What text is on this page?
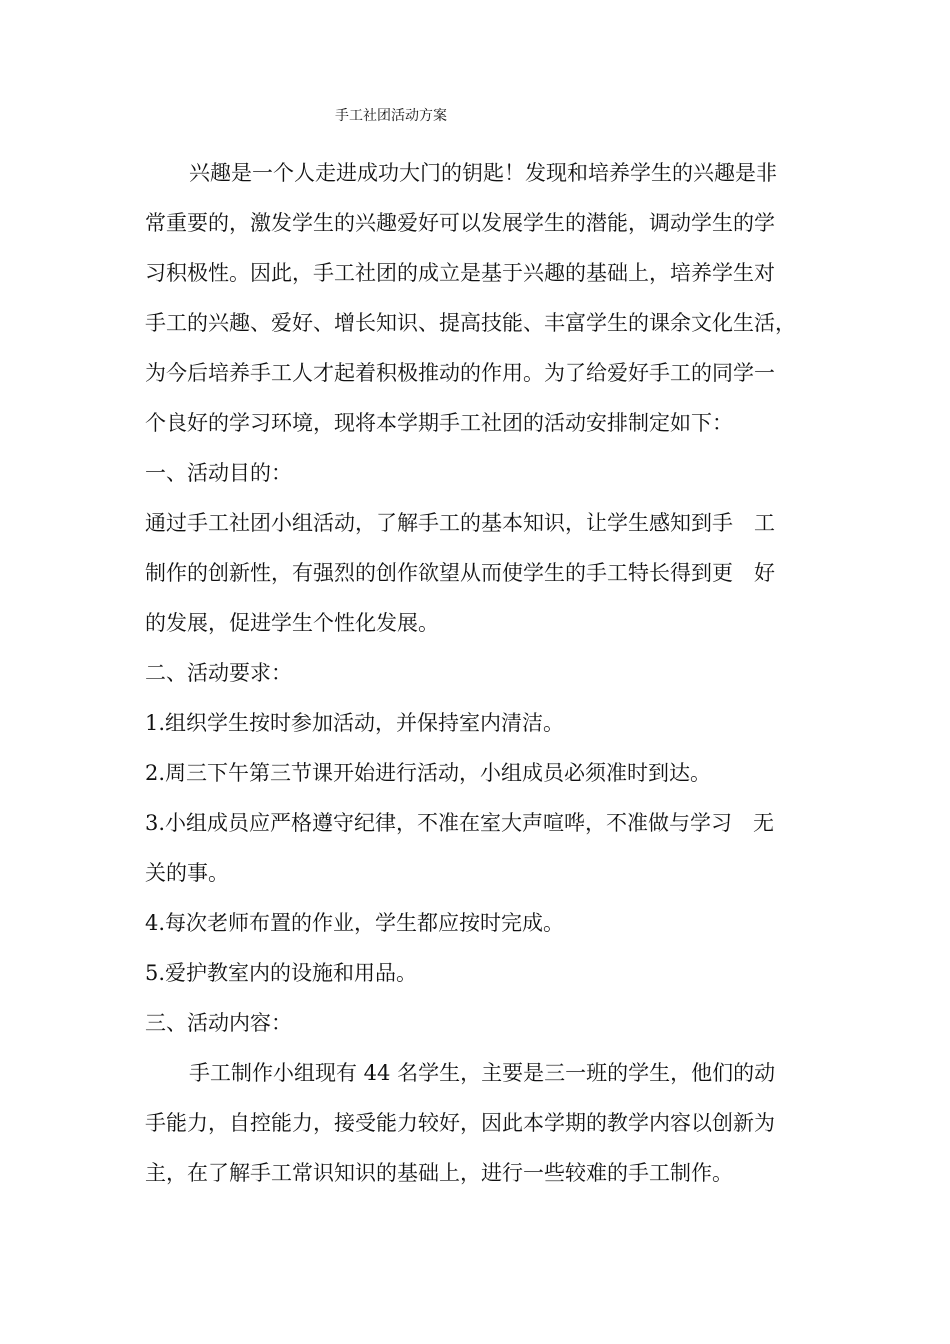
手工社团活动方案
兴趣是一个人走进成功大门的钥匙！发现和培养学生的兴趣是非
常重要的，激发学生的兴趣爱好可以发展学生的潜能，调动学生的学
习积极性。因此，手工社团的成立是基于兴趣的基础上，培养学生对
手工的兴趣、爱好、增长知识、提高技能、丰富学生的课余文化生活，
为今后培养手工人才起着积极推动的作用。为了给爱好手工的同学一
个良好的学习环境，现将本学期手工社团的活动安排制定如下：
一、活动目的：
通过手工社团小组活动，了解手工的基本知识，让学生感知到手　工
制作的创新性，有强烈的创作欲望从而使学生的手工特长得到更　好
的发展，促进学生个性化发展。
二、活动要求：
1.组织学生按时参加活动，并保持室内清洁。
2.周三下午第三节课开始进行活动，小组成员必须准时到达。
3.小组成员应严格遵守纪律，不准在室大声喧哗，不准做与学习　无
关的事。
4.每次老师布置的作业，学生都应按时完成。
5.爱护教室内的设施和用品。
三、活动内容：
手工制作小组现有 44 名学生，主要是三一班的学生，他们的动
手能力，自控能力，接受能力较好，因此本学期的教学内容以创新为
主，在了解手工常识知识的基础上，进行一些较难的手工制作。
